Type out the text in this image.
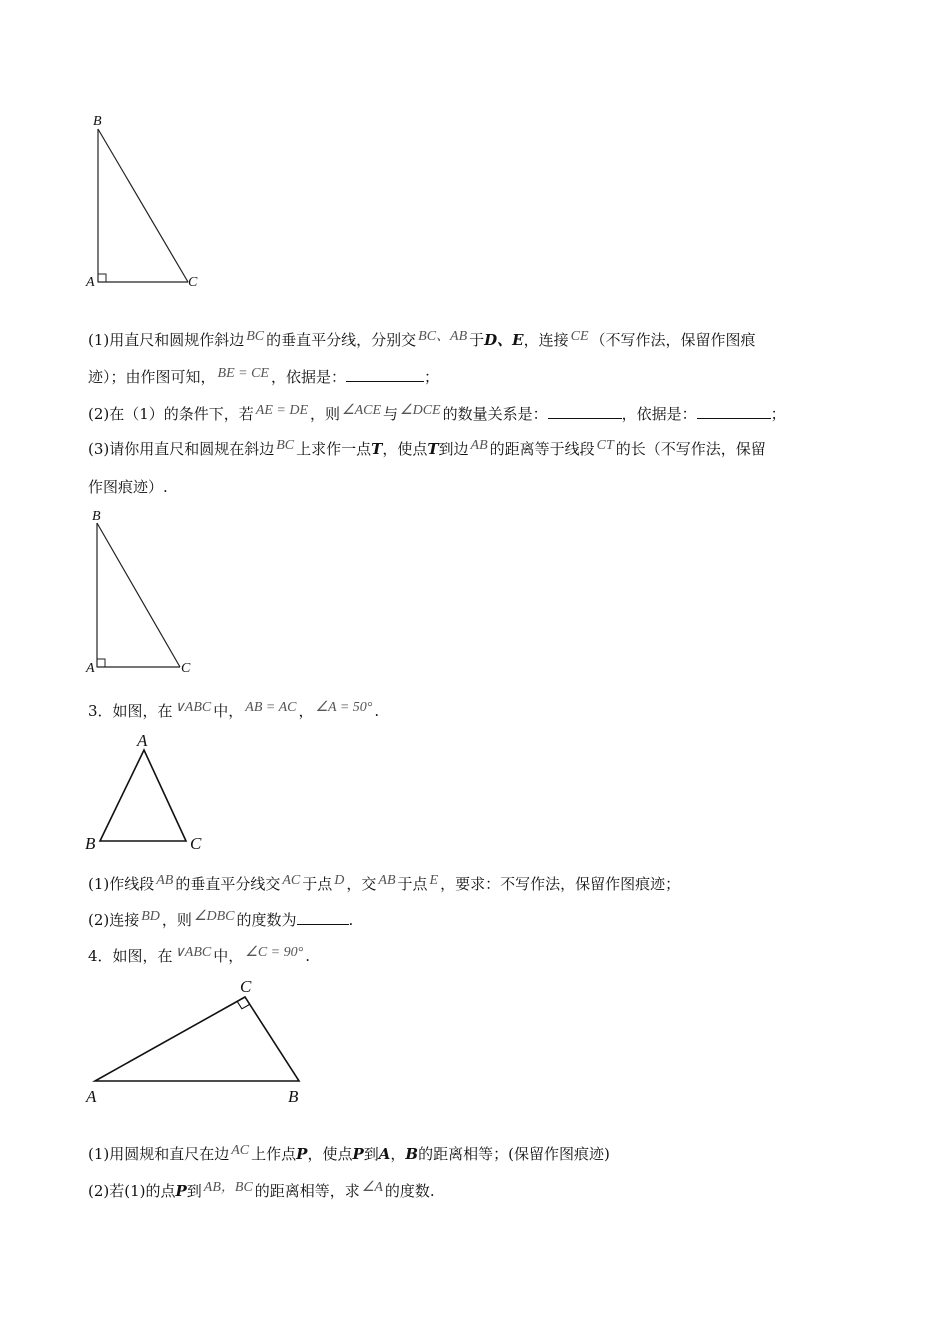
B
A	C
(1)用直尺和圆规作斜边 BC 的垂直平分线，分别交 BC、AB 于D、E，连接 CE （不写作法，保留作图痕
迹）；由作图可知， BE = CE ，依据是：	；
(2)在（1）的条件下，若 AE = DE ，则 ∠ACE 与 ∠DCE 的数量关系是：	，依据是：	；
(3)请你用直尺和圆规在斜边 BC 上求作一点T，使点T到边 AB 的距离等于线段 CT 的长（不写作法，保留
作图痕迹）.
B
A	C
3．如图，在 ∨ABC 中， AB = AC ， ∠A = 50° .
A
B	C
(1)作线段 AB 的垂直平分线交 AC 于点 D ，交 AB 于点 E ，要求：不写作法，保留作图痕迹；
(2)连接 BD ，则 ∠DBC 的度数为	.
4．如图，在 ∨ABC 中， ∠C = 90° .
C
A	B
(1)用圆规和直尺在边 AC 上作点P，使点P到A，B的距离相等；(保留作图痕迹)
(2)若(1)的点P到 AB，BC 的距离相等，求 ∠A 的度数.
